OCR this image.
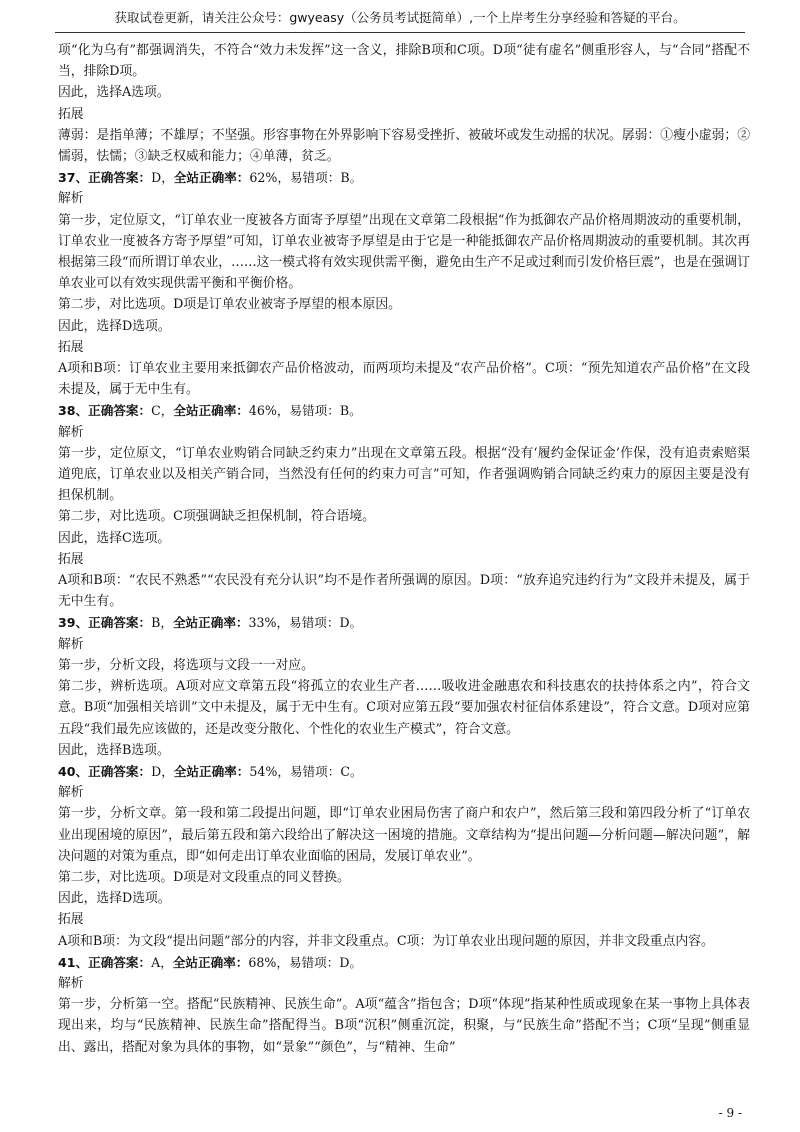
获取试卷更新，请关注公众号：gwyeasy（公务员考试挺简单）,一个上岸考生分享经验和答疑的平台。

项“化为乌有”都强调消失，不符合“效力未发挥”这一含义，排除B项和C项。D项“徒有虚名”侧重形容人，与“合同”搭配不当，排除D项。

因此，选择A选项。

拓展

薄弱：是指单薄；不雄厚；不坚强。形容事物在外界影响下容易受挫折、被破坏或发生动摇的状况。孱弱：①瘦小虚弱；②懦弱，怯懦；③缺乏权威和能力；④单薄，贫乏。

37、正确答案：D，全站正确率：62%，易错项：B。

解析

第一步，定位原文，“订单农业一度被各方面寄予厚望”出现在文章第二段根据“作为抵御农产品价格周期波动的重要机制，订单农业一度被各方寄予厚望”可知，订单农业被寄予厚望是由于它是一种能抵御农产品价格周期波动的重要机制。其次再根据第三段“而所谓订单农业，……这一模式将有效实现供需平衡，避免由生产不足或过剩而引发价格巨震”，也是在强调订单农业可以有效实现供需平衡和平衡价格。

第二步，对比选项。D项是订单农业被寄予厚望的根本原因。

因此，选择D选项。

拓展

A项和B项：订单农业主要用来抵御农产品价格波动，而两项均未提及“农产品价格”。C项：“预先知道农产品价格”在文段未提及，属于无中生有。

38、正确答案：C，全站正确率：46%，易错项：B。

解析

第一步，定位原文，“订单农业购销合同缺乏约束力”出现在文章第五段。根据“没有‘履约金保证金’作保，没有追责索赔渠道兜底，订单农业以及相关产销合同，当然没有任何的约束力可言”可知，作者强调购销合同缺乏约束力的原因主要是没有担保机制。

第二步，对比选项。C项强调缺乏担保机制，符合语境。

因此，选择C选项。

拓展

A项和B项：“农民不熟悉”“农民没有充分认识”均不是作者所强调的原因。D项：“放弃追究违约行为”文段并未提及，属于无中生有。

39、正确答案：B，全站正确率：33%，易错项：D。

解析

第一步，分析文段，将选项与文段一一对应。

第二步，辨析选项。A项对应文章第五段“将孤立的农业生产者……吸收进金融惠农和科技惠农的扶持体系之内”，符合文意。B项“加强相关培训”文中未提及，属于无中生有。C项对应第五段“要加强农村征信体系建设”，符合文意。D项对应第五段“我们最先应该做的，还是改变分散化、个性化的农业生产模式”，符合文意。

因此，选择B选项。

40、正确答案：D，全站正确率：54%，易错项：C。

解析

第一步，分析文章。第一段和第二段提出问题，即“订单农业困局伤害了商户和农户”，然后第三段和第四段分析了“订单农业出现困境的原因”，最后第五段和第六段给出了解决这一困境的措施。文章结构为“提出问题—分析问题—解决问题”，解决问题的对策为重点，即“如何走出订单农业面临的困局，发展订单农业”。

第二步，对比选项。D项是对文段重点的同义替换。

因此，选择D选项。

拓展

A项和B项：为文段“提出问题”部分的内容，并非文段重点。C项：为订单农业出现问题的原因，并非文段重点内容。

41、正确答案：A，全站正确率：68%，易错项：D。

解析

第一步，分析第一空。搭配“民族精神、民族生命”。A项“蕴含”指包含；D项“体现”指某种性质或现象在某一事物上具体表现出来，均与“民族精神、民族生命”搭配得当。B项“沉积”侧重沉淀，积聚，与“民族生命”搭配不当；C项“呈现”侧重显出、露出，搭配对象为具体的事物，如“景象”“颜色”，与“精神、生命”

- 9 -
